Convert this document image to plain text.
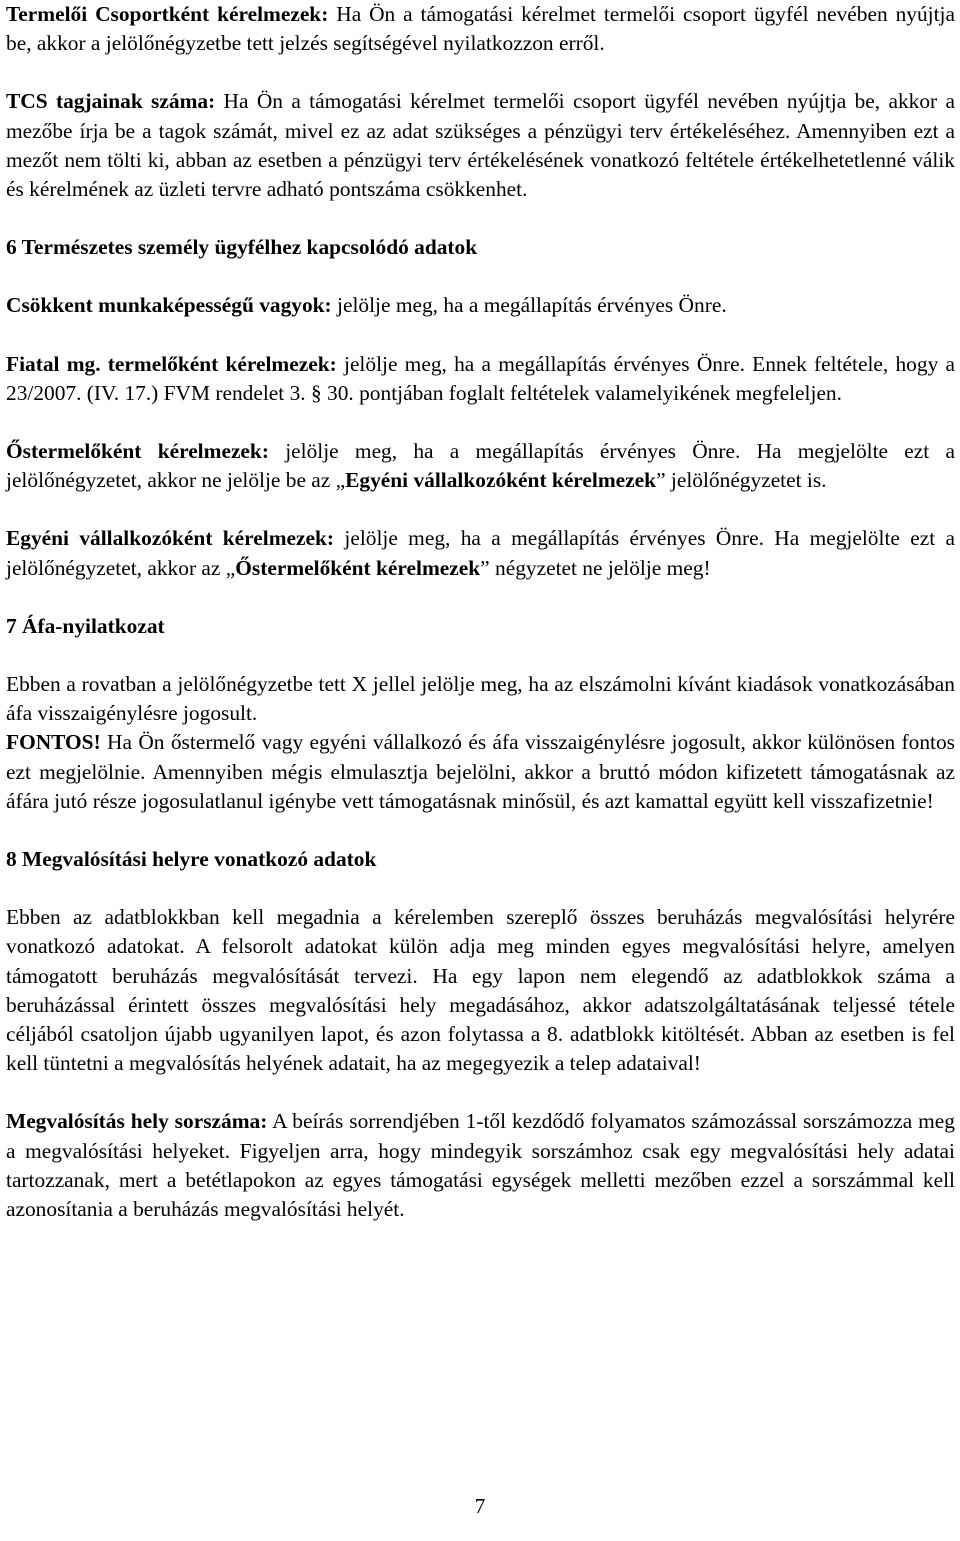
Termelői Csoportként kérelmezek: Ha Ön a támogatási kérelmet termelői csoport ügyfél nevében nyújtja be, akkor a jelölőnégyzetbe tett jelzés segítségével nyilatkozzon erről.

TCS tagjainak száma: Ha Ön a támogatási kérelmet termelői csoport ügyfél nevében nyújtja be, akkor a mezőbe írja be a tagok számát, mivel ez az adat szükséges a pénzügyi terv értékeléséhez. Amennyiben ezt a mezőt nem tölti ki, abban az esetben a pénzügyi terv értékelésének vonatkozó feltétele értékelhetetlenné válik és kérelmének az üzleti tervre adható pontszáma csökkenhet.

6 Természetes személy ügyfélhez kapcsolódó adatok

Csökkent munkaképességű vagyok: jelölje meg, ha a megállapítás érvényes Önre.

Fiatal mg. termelőként kérelmezek: jelölje meg, ha a megállapítás érvényes Önre. Ennek feltétele, hogy a 23/2007. (IV. 17.) FVM rendelet 3. § 30. pontjában foglalt feltételek valamelyikének megfeleljen.

Őstermelőként kérelmezek: jelölje meg, ha a megállapítás érvényes Önre. Ha megjelölte ezt a jelölőnégyzetet, akkor ne jelölje be az „Egyéni vállalkozóként kérelmezek” jelölőnégyzetet is.

Egyéni vállalkozóként kérelmezek: jelölje meg, ha a megállapítás érvényes Önre. Ha megjelölte ezt a jelölőnégyzetet, akkor az „Őstermelőként kérelmezek” négyzetet ne jelölje meg!

7 Áfa-nyilatkozat

Ebben a rovatban a jelölőnégyzetbe tett X jellel jelölje meg, ha az elszámolni kívánt kiadások vonatkozásában áfa visszaigénylésre jogosult.

FONTOS! Ha Ön őstermelő vagy egyéni vállalkozó és áfa visszaigénylésre jogosult, akkor különösen fontos ezt megjelölnie. Amennyiben mégis elmulasztja bejelölni, akkor a bruttó módon kifizetett támogatásnak az áfára jutó része jogosulatlanul igénybe vett támogatásnak minősül, és azt kamattal együtt kell visszafizetnie!

8 Megvalósítási helyre vonatkozó adatok

Ebben az adatblokkban kell megadnia a kérelemben szereplő összes beruházás megvalósítási helyrére vonatkozó adatokat. A felsorolt adatokat külön adja meg minden egyes megvalósítási helyre, amelyen támogatott beruházás megvalósítását tervezi. Ha egy lapon nem elegendő az adatblokkok száma a beruházással érintett összes megvalósítási hely megadásához, akkor adatszolgáltatásának teljessé tétele céljából csatoljon újabb ugyanilyen lapot, és azon folytassa a 8. adatblokk kitöltését. Abban az esetben is fel kell tüntetni a megvalósítás helyének adatait, ha az megegyezik a telep adataival!

Megvalósítás hely sorszáma: A beírás sorrendjében 1-től kezdődő folyamatos számozással sorszámozza meg a megvalósítási helyeket. Figyeljen arra, hogy mindegyik sorszámhoz csak egy megvalósítási hely adatai tartozzanak, mert a betétlapokon az egyes támogatási egységek melletti mezőben ezzel a sorszámmal kell azonosítania a beruházás megvalósítási helyét.

7
